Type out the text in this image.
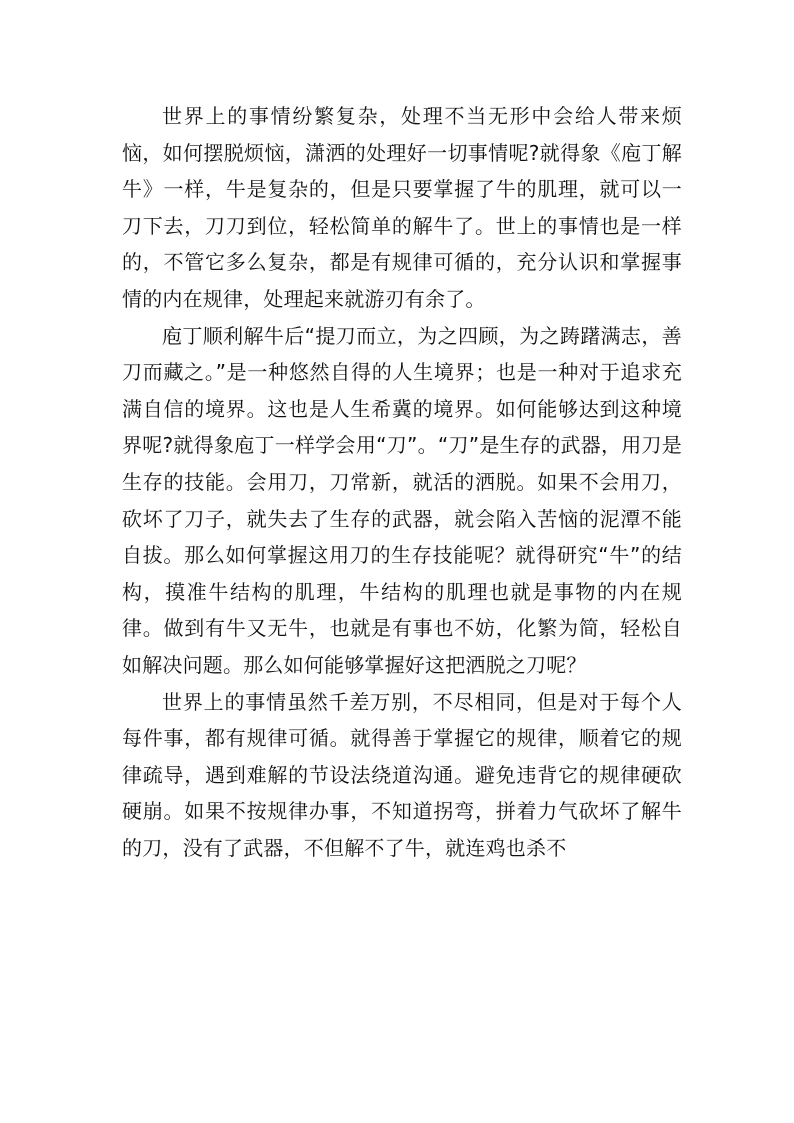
世界上的事情纷繁复杂，处理不当无形中会给人带来烦恼，如何摆脱烦恼，潇洒的处理好一切事情呢?就得象《庖丁解牛》一样，牛是复杂的，但是只要掌握了牛的肌理，就可以一刀下去，刀刀到位，轻松简单的解牛了。世上的事情也是一样的，不管它多么复杂，都是有规律可循的，充分认识和掌握事情的内在规律，处理起来就游刃有余了。

庖丁顺利解牛后“提刀而立，为之四顾，为之踌躇满志，善刀而藏之。”是一种悠然自得的人生境界；也是一种对于追求充满自信的境界。这也是人生希冀的境界。如何能够达到这种境界呢?就得象庖丁一样学会用“刀”。“刀”是生存的武器，用刀是生存的技能。会用刀，刀常新，就活的洒脱。如果不会用刀，砍坏了刀子，就失去了生存的武器，就会陷入苦恼的泥潭不能自拔。那么如何掌握这用刀的生存技能呢？就得研究“牛”的结构，摸准牛结构的肌理，牛结构的肌理也就是事物的内在规律。做到有牛又无牛，也就是有事也不妨，化繁为简，轻松自如解决问题。那么如何能够掌握好这把洒脱之刀呢？

世界上的事情虽然千差万别，不尽相同，但是对于每个人每件事，都有规律可循。就得善于掌握它的规律，顺着它的规律疏导，遇到难解的节设法绕道沟通。避免违背它的规律硬砍硬崩。如果不按规律办事，不知道拐弯，拼着力气砍坏了解牛的刀，没有了武器，不但解不了牛，就连鸡也杀不
